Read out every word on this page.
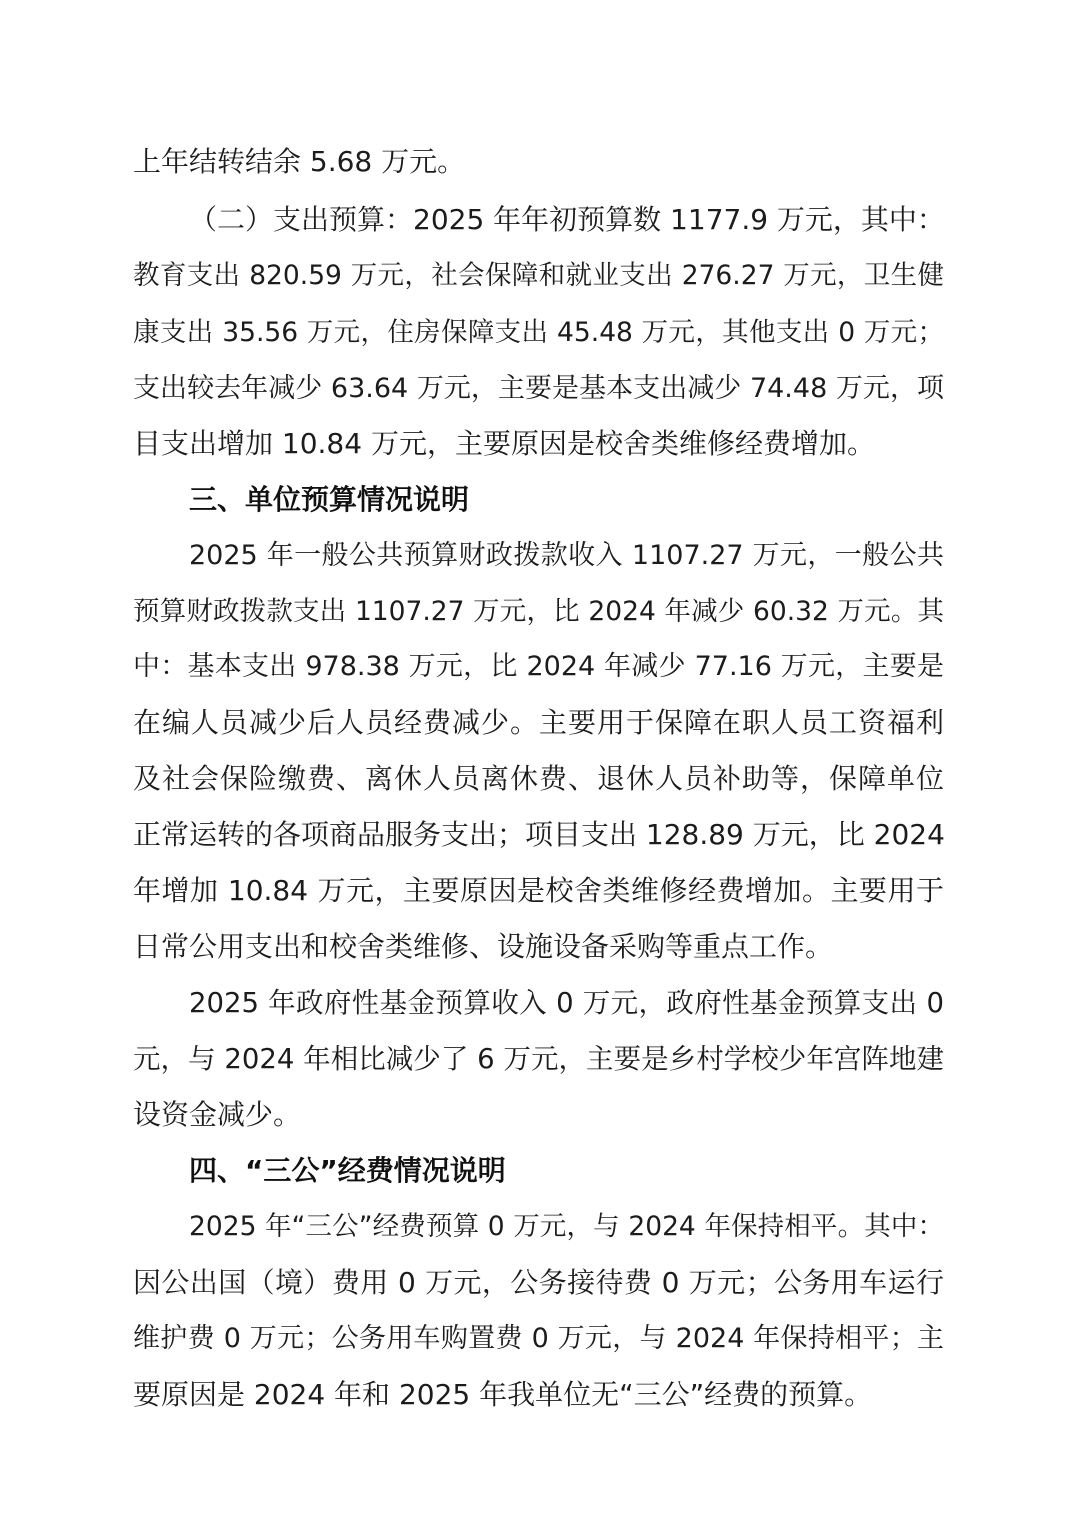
上年结转结余 5.68 万元。
（二）支出预算：2025 年年初预算数 1177.9 万元，其中：
教育支出 820.59 万元，社会保障和就业支出 276.27 万元，卫生健
康支出 35.56 万元，住房保障支出 45.48 万元，其他支出 0 万元；
支出较去年减少 63.64 万元，主要是基本支出减少 74.48 万元，项
目支出增加 10.84 万元，主要原因是校舍类维修经费增加。
三、单位预算情况说明
2025 年一般公共预算财政拨款收入 1107.27 万元，一般公共
预算财政拨款支出 1107.27 万元，比 2024 年减少 60.32 万元。其
中：基本支出 978.38 万元，比 2024 年减少 77.16 万元，主要是
在编人员减少后人员经费减少。主要用于保障在职人员工资福利
及社会保险缴费、离休人员离休费、退休人员补助等，保障单位
正常运转的各项商品服务支出；项目支出 128.89 万元，比 2024
年增加 10.84 万元，主要原因是校舍类维修经费增加。主要用于
日常公用支出和校舍类维修、设施设备采购等重点工作。
2025 年政府性基金预算收入 0 万元，政府性基金预算支出 0
元，与 2024 年相比减少了 6 万元，主要是乡村学校少年宫阵地建
设资金减少。
四、“三公”经费情况说明
2025 年“三公”经费预算 0 万元，与 2024 年保持相平。其中：
因公出国（境）费用 0 万元，公务接待费 0 万元；公务用车运行
维护费 0 万元；公务用车购置费 0 万元，与 2024 年保持相平；主
要原因是 2024 年和 2025 年我单位无“三公”经费的预算。
